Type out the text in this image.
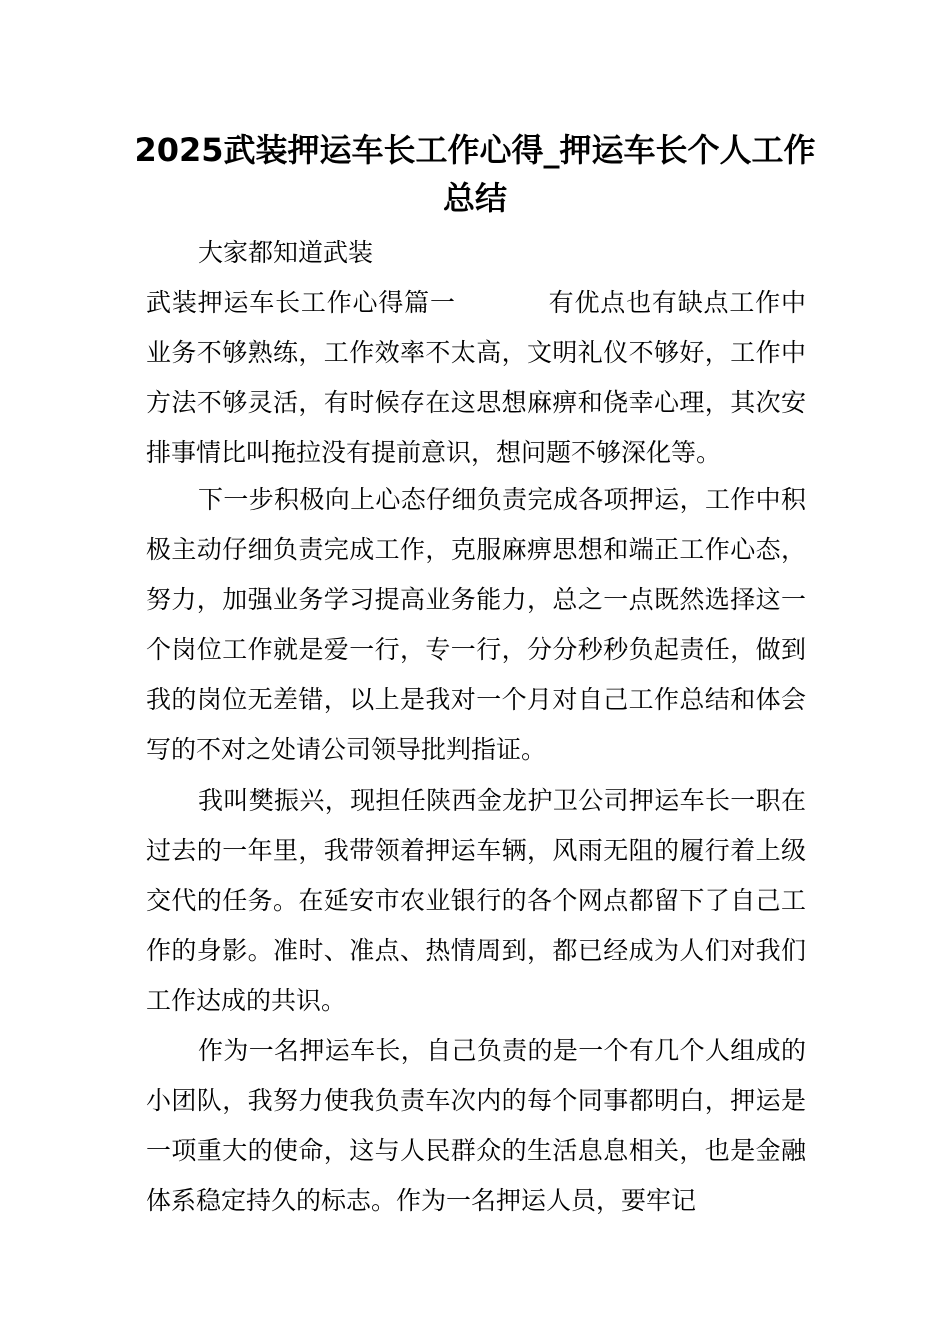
2025武装押运车长工作心得_押运车长个人工作总结

大家都知道武装

武装押运车长工作心得篇一	有优点也有缺点工作中业务不够熟练，工作效率不太高，文明礼仪不够好，工作中方法不够灵活，有时候存在这思想麻痹和侥幸心理，其次安排事情比叫拖拉没有提前意识，想问题不够深化等。

下一步积极向上心态仔细负责完成各项押运，工作中积极主动仔细负责完成工作，克服麻痹思想和端正工作心态，努力，加强业务学习提高业务能力，总之一点既然选择这一个岗位工作就是爱一行，专一行，分分秒秒负起责任，做到我的岗位无差错，以上是我对一个月对自己工作总结和体会写的不对之处请公司领导批判指证。

我叫樊振兴，现担任陕西金龙护卫公司押运车长一职在过去的一年里，我带领着押运车辆，风雨无阻的履行着上级交代的任务。在延安市农业银行的各个网点都留下了自己工作的身影。准时、准点、热情周到，都已经成为人们对我们工作达成的共识。

作为一名押运车长，自己负责的是一个有几个人组成的小团队，我努力使我负责车次内的每个同事都明白，押运是一项重大的使命，这与人民群众的生活息息相关，也是金融体系稳定持久的标志。作为一名押运人员，要牢记
